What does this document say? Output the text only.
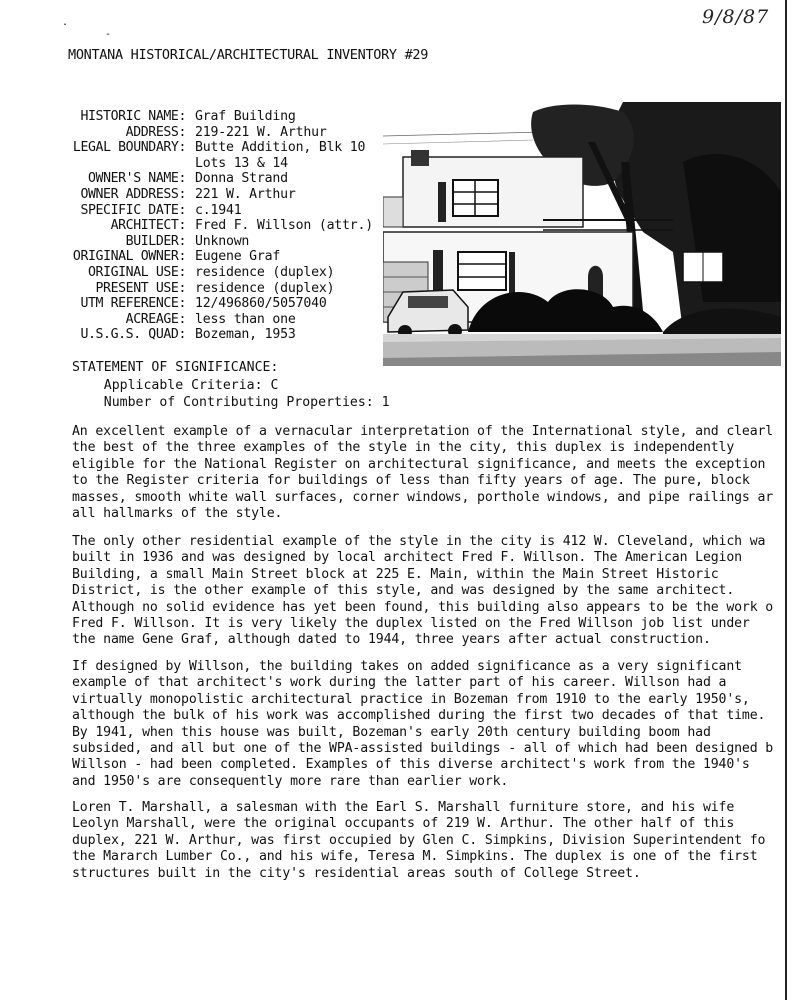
9/8/87
.
-
MONTANA HISTORICAL/ARCHITECTURAL INVENTORY #29
HISTORIC NAME: Graf Building
ADDRESS: 219-221 W. Arthur
LEGAL BOUNDARY: Butte Addition, Blk 10
Lots 13 & 14
OWNER'S NAME: Donna Strand
OWNER ADDRESS: 221 W. Arthur
SPECIFIC DATE: c.1941
ARCHITECT: Fred F. Willson (attr.)
BUILDER: Unknown
ORIGINAL OWNER: Eugene Graf
ORIGINAL USE: residence (duplex)
PRESENT USE: residence (duplex)
UTM REFERENCE: 12/496860/5057040
ACREAGE: less than one
U.S.G.S. QUAD: Bozeman, 1953
STATEMENT OF SIGNIFICANCE:
Applicable Criteria: C
Number of Contributing Properties: 1
An excellent example of a vernacular interpretation of the International style, and clearl
the best of the three examples of the style in the city, this duplex is independently
eligible for the National Register on architectural significance, and meets the exception
to the Register criteria for buildings of less than fifty years of age. The pure, block
masses, smooth white wall surfaces, corner windows, porthole windows, and pipe railings ar
all hallmarks of the style.
The only other residential example of the style in the city is 412 W. Cleveland, which wa
built in 1936 and was designed by local architect Fred F. Willson. The American Legion
Building, a small Main Street block at 225 E. Main, within the Main Street Historic
District, is the other example of this style, and was designed by the same architect.
Although no solid evidence has yet been found, this building also appears to be the work o
Fred F. Willson. It is very likely the duplex listed on the Fred Willson job list under
the name Gene Graf, although dated to 1944, three years after actual construction.
If designed by Willson, the building takes on added significance as a very significant
example of that architect's work during the latter part of his career. Willson had a
virtually monopolistic architectural practice in Bozeman from 1910 to the early 1950's,
although the bulk of his work was accomplished during the first two decades of that time.
By 1941, when this house was built, Bozeman's early 20th century building boom had
subsided, and all but one of the WPA-assisted buildings - all of which had been designed b
Willson - had been completed. Examples of this diverse architect's work from the 1940's
and 1950's are consequently more rare than earlier work.
Loren T. Marshall, a salesman with the Earl S. Marshall furniture store, and his wife
Leolyn Marshall, were the original occupants of 219 W. Arthur. The other half of this
duplex, 221 W. Arthur, was first occupied by Glen C. Simpkins, Division Superintendent fo
the Mararch Lumber Co., and his wife, Teresa M. Simpkins. The duplex is one of the first
structures built in the city's residential areas south of College Street.
